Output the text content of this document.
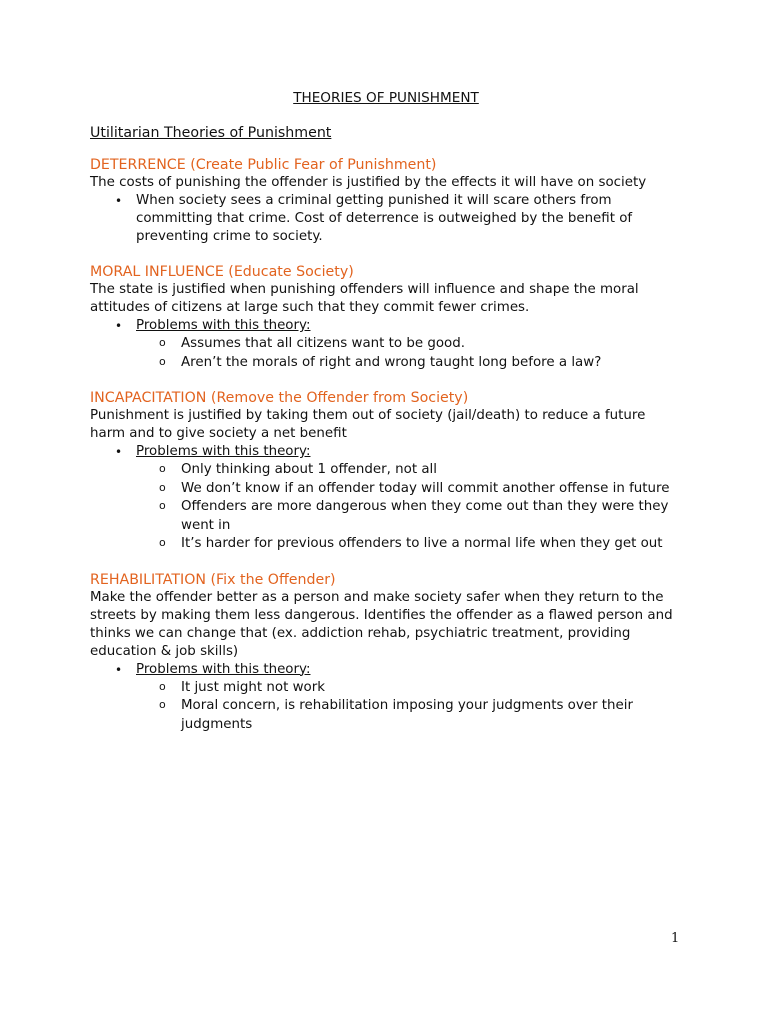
THEORIES OF PUNISHMENT
Utilitarian Theories of Punishment
DETERRENCE (Create Public Fear of Punishment)
The costs of punishing the offender is justified by the effects it will have on society
• When society sees a criminal getting punished it will scare others from committing that crime. Cost of deterrence is outweighed by the benefit of preventing crime to society.
MORAL INFLUENCE (Educate Society)
The state is justified when punishing offenders will influence and shape the moral attitudes of citizens at large such that they commit fewer crimes.
• Problems with this theory:
o Assumes that all citizens want to be good.
o Aren’t the morals of right and wrong taught long before a law?
INCAPACITATION (Remove the Offender from Society)
Punishment is justified by taking them out of society (jail/death) to reduce a future harm and to give society a net benefit
• Problems with this theory:
o Only thinking about 1 offender, not all
o We don’t know if an offender today will commit another offense in future
o Offenders are more dangerous when they come out than they were they went in
o It’s harder for previous offenders to live a normal life when they get out
REHABILITATION (Fix the Offender)
Make the offender better as a person and make society safer when they return to the streets by making them less dangerous. Identifies the offender as a flawed person and thinks we can change that (ex. addiction rehab, psychiatric treatment, providing education & job skills)
• Problems with this theory:
o It just might not work
o Moral concern, is rehabilitation imposing your judgments over their judgments
1
